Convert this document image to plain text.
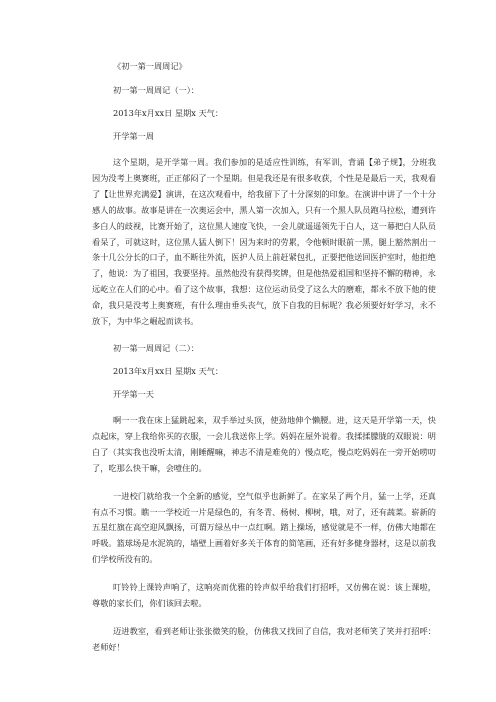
《初一第一周周记》

初一第一周周记（一）：

2013年x月xx日 星期x 天气：

开学第一周

这个星期，是开学第一周。我们参加的是适应性训练，有军训，背诵【弟子规】，分班我因为没考上奥赛班，正正郁闷了一个星期。但是我还是有很多收获，个性是是最后一天，我观看了【让世界充满爱】演讲，在这次观看中，给我留下了十分深刻的印象。在演讲中讲了一个十分感人的故事。故事是讲在一次奥运会中，黑人第一次加入，只有一个黑人队员跑马拉松，遭到许多白人的歧视，比赛开始了，这位黑人速度飞快，一会儿就遥遥领先于白人，这一幕把白人队员看呆了，可就这时，这位黑人猛人倒下！因为来时的劳累，令他顿时眼前一黑，腿上豁然割出一条十几公分长的口子，血不断往外流，医护人员上前赶紧包扎，正要把他送回医护室时，他拒绝了，他说：为了祖国，我要坚持。虽然他没有获得奖牌，但是他热爱祖国和坚持不懈的精神，永远屹立在人们的心中。看了这个故事，我想：这位运动员受了这么大的磨难，都永不放下他的使命，我只是没考上奥赛班，有什么理由垂头丧气，放下自我的目标呢？我必须要好好学习，永不放下，为中华之崛起而读书。

初一第一周周记（二）：

2013年x月xx日 星期x 天气：

开学第一天

啊一一我在床上猛跳起来，双手举过头顶，使劲地伸个懒腰。进，这天是开学第一天，快点起床，穿上我给你买的衣服，一会儿我送你上学。妈妈在屋外说着。我揉揉朦胧的双眼说：明白了（其实我也没听太清，刚睡醒嘛，神志不清是难免的）慢点吃，慢点吃妈妈在一旁开始唠叨了，吃那么快干嘛，会噎住的。

一进校门就给我一个全新的感觉，空气似乎也新鲜了。在家呆了两个月，猛一上学，还真有点不习惯。瞧一一学校近一片是绿色的，有冬青、杨树、柳树，哦，对了，还有蔬菜。崭新的五星红旗在高空迎风飘扬，可谓万绿丛中一点红啊。踏上操场，感觉就是不一样，仿佛大地都在呼吸。篮球场是水泥筑的，墙壁上画着好多关于体育的简笔画，还有好多健身器材，这是以前我们学校所没有的。

叮铃铃上课铃声响了，这响亮而优雅的铃声似乎给我们打招呼，又仿佛在说：该上课啦，尊敬的家长们，你们该回去啦。

迈进教室，看到老师让张张微笑的脸，仿佛我又找回了自信，我对老师笑了笑并打招呼：老师好！
